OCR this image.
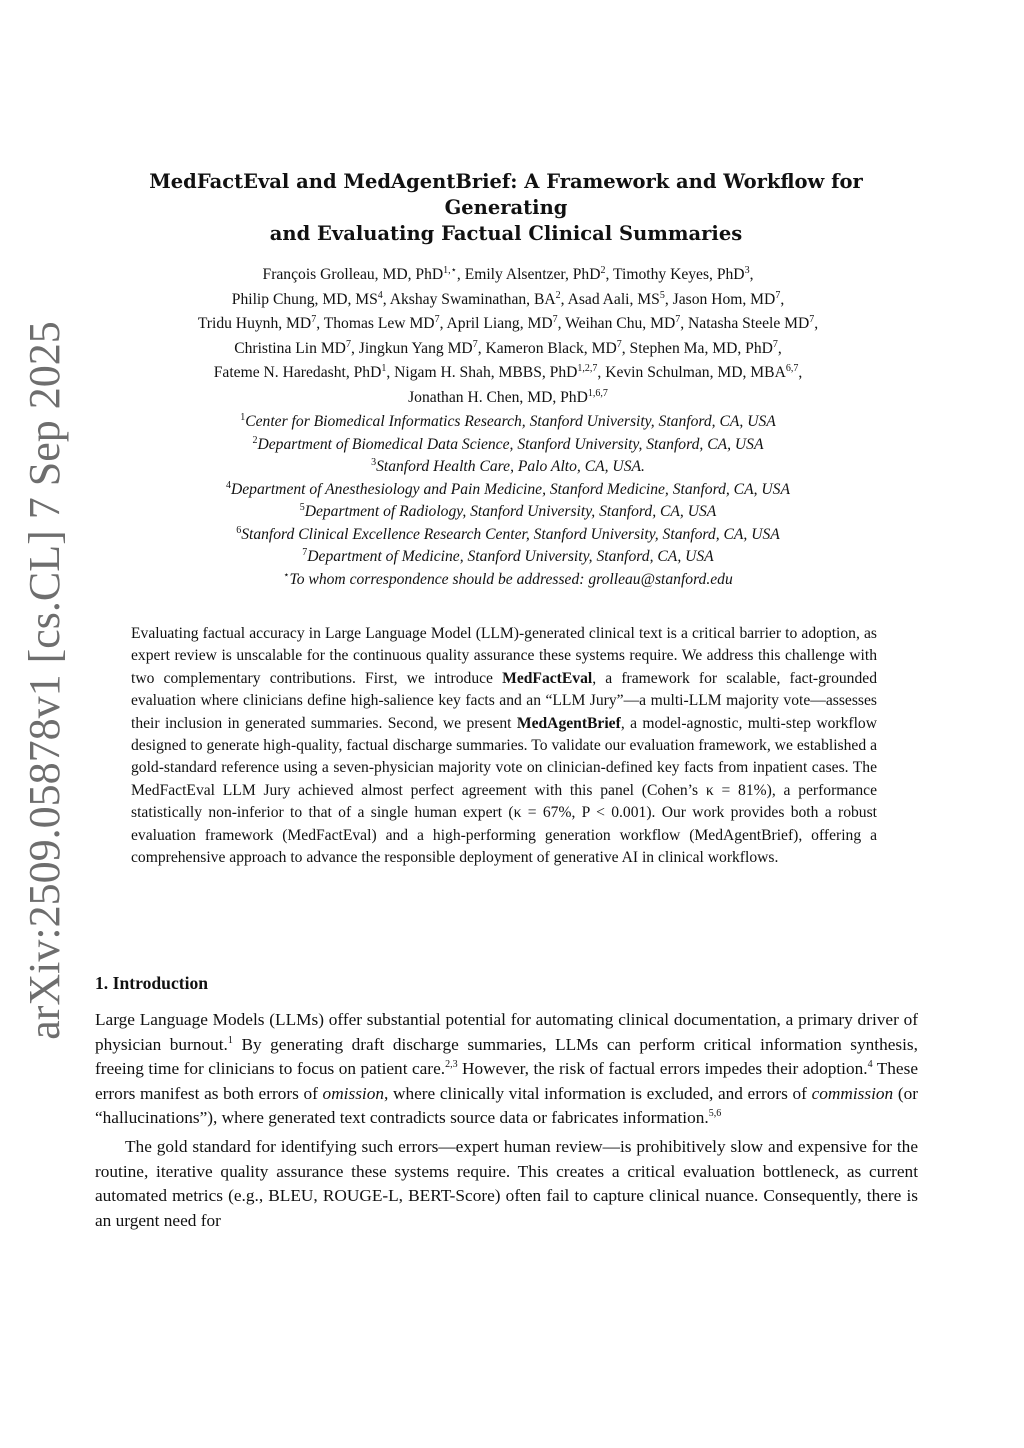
arXiv:2509.05878v1 [cs.CL] 7 Sep 2025
MedFactEval and MedAgentBrief: A Framework and Workflow for Generating
and Evaluating Factual Clinical Summaries
François Grolleau, MD, PhD$^{1,⋆}$, Emily Alsentzer, PhD$^2$, Timothy Keyes, PhD$^3$,
Philip Chung, MD, $MS^4$, Akshay Swaminathan, $BA^2$, Asad Aali, $MS^5$, Jason Hom, $MD^7$,
Tridu Huynh, $MD^7$, Thomas Lew $MD^7$, April Liang, $MD^7$, Weihan Chu, $MD^7$, Natasha Steele $MD^7$,
Christina Lin $MD^7$, Jingkun Yang $MD^7$, Kameron Black, $MD^7$, Stephen Ma, MD, PhD$^7$,
Fateme N. Haredasht, PhD$^1$, Nigam H. Shah, MBBS, PhD$^{1,2,7}$, Kevin Schulman, MD, MBA$^{6,7}$,
Jonathan H. Chen, MD, PhD$^{1,6,7}$
$^1$Center for Biomedical Informatics Research, Stanford University, Stanford, CA, USA
$^2$Department of Biomedical Data Science, Stanford University, Stanford, CA, USA
$^3$Stanford Health Care, Palo Alto, CA, USA.
$^4$Department of Anesthesiology and Pain Medicine, Stanford Medicine, Stanford, CA, USA
$^5$Department of Radiology, Stanford University, Stanford, CA, USA
$^6$Stanford Clinical Excellence Research Center, Stanford University, Stanford, CA, USA
$^7$Department of Medicine, Stanford University, Stanford, CA, USA
⋆To whom correspondence should be addressed: grolleau@stanford.edu
Evaluating factual accuracy in Large Language Model (LLM)-generated clinical text is a critical barrier to adoption, as expert review is unscalable for the continuous quality assurance these systems require. We address this challenge with two complementary contributions. First, we introduce MedFactEval, a framework for scalable, fact-grounded evaluation where clinicians define high-salience key facts and an “LLM Jury”—a multi-LLM majority vote—assesses their inclusion in generated summaries. Second, we present MedAgentBrief, a model-agnostic, multi-step workflow designed to generate high-quality, factual discharge summaries. To validate our evaluation framework, we established a gold-standard reference using a seven-physician majority vote on clinician-defined key facts from inpatient cases. The MedFactEval LLM Jury achieved almost perfect agreement with this panel (Cohen’s κ = 81%), a performance statistically non-inferior to that of a single human expert (κ = 67%, P < 0.001). Our work provides both a robust evaluation framework (MedFactEval) and a high-performing generation workflow (MedAgentBrief), offering a comprehensive approach to advance the responsible deployment of generative AI in clinical workflows.
1. Introduction

Large Language Models (LLMs) offer substantial potential for automating clinical documentation, a primary driver of physician burnout.$^1$ By generating draft discharge summaries, LLMs can perform critical information synthesis, freeing time for clinicians to focus on patient care.$^{2,3}$ However, the risk of factual errors impedes their adoption.$^4$ These errors manifest as both errors of omission, where clinically vital information is excluded, and errors of commission (or “hallucinations”), where generated text contradicts source data or fabricates information.$^{5,6}$

The gold standard for identifying such errors—expert human review—is prohibitively slow and expensive for the routine, iterative quality assurance these systems require. This creates a critical evaluation bottleneck, as current automated metrics (e.g., BLEU, ROUGE-L, BERT-Score) often fail to capture clinical nuance. Consequently, there is an urgent need for
